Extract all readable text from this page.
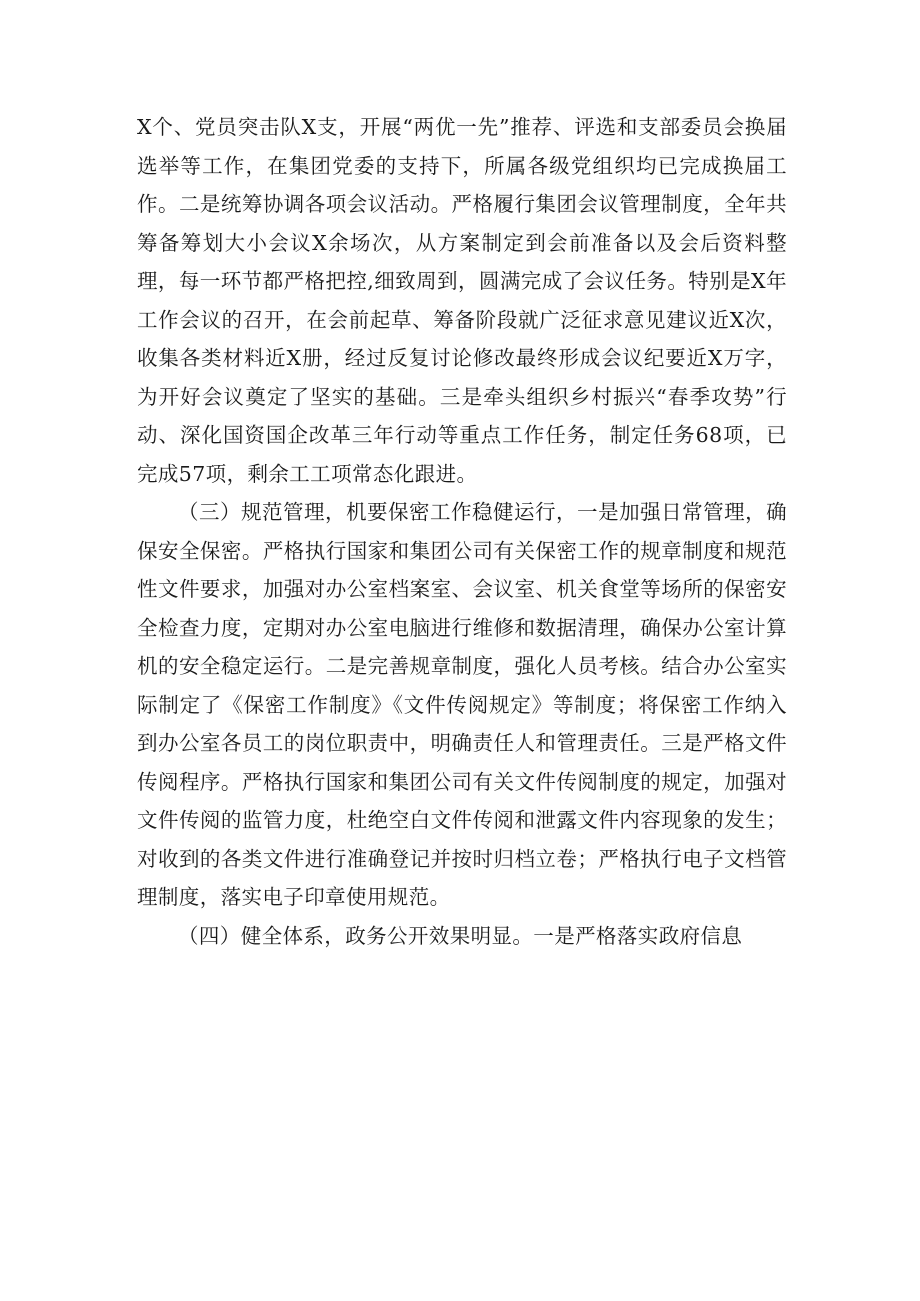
X个、党员突击队X支，开展“两优一先”推荐、评选和支部委员会换届选举等工作，在集团党委的支持下，所属各级党组织均已完成换届工作。二是统筹协调各项会议活动。严格履行集团会议管理制度，全年共筹备筹划大小会议X余场次，从方案制定到会前准备以及会后资料整理，每一环节都严格把控,细致周到，圆满完成了会议任务。特别是X年工作会议的召开，在会前起草、筹备阶段就广泛征求意见建议近X次，收集各类材料近X册，经过反复讨论修改最终形成会议纪要近X万字，为开好会议奠定了坚实的基础。三是牵头组织乡村振兴“春季攻势”行动、深化国资国企改革三年行动等重点工作任务，制定任务68项，已完成57项，剩余工工项常态化跟进。

（三）规范管理，机要保密工作稳健运行，一是加强日常管理，确保安全保密。严格执行国家和集团公司有关保密工作的规章制度和规范性文件要求，加强对办公室档案室、会议室、机关食堂等场所的保密安全检查力度，定期对办公室电脑进行维修和数据清理，确保办公室计算机的安全稳定运行。二是完善规章制度，强化人员考核。结合办公室实际制定了《保密工作制度》《文件传阅规定》等制度；将保密工作纳入到办公室各员工的岗位职责中，明确责任人和管理责任。三是严格文件传阅程序。严格执行国家和集团公司有关文件传阅制度的规定，加强对文件传阅的监管力度，杜绝空白文件传阅和泄露文件内容现象的发生；对收到的各类文件进行准确登记并按时归档立卷；严格执行电子文档管理制度，落实电子印章使用规范。

（四）健全体系，政务公开效果明显。一是严格落实政府信息
